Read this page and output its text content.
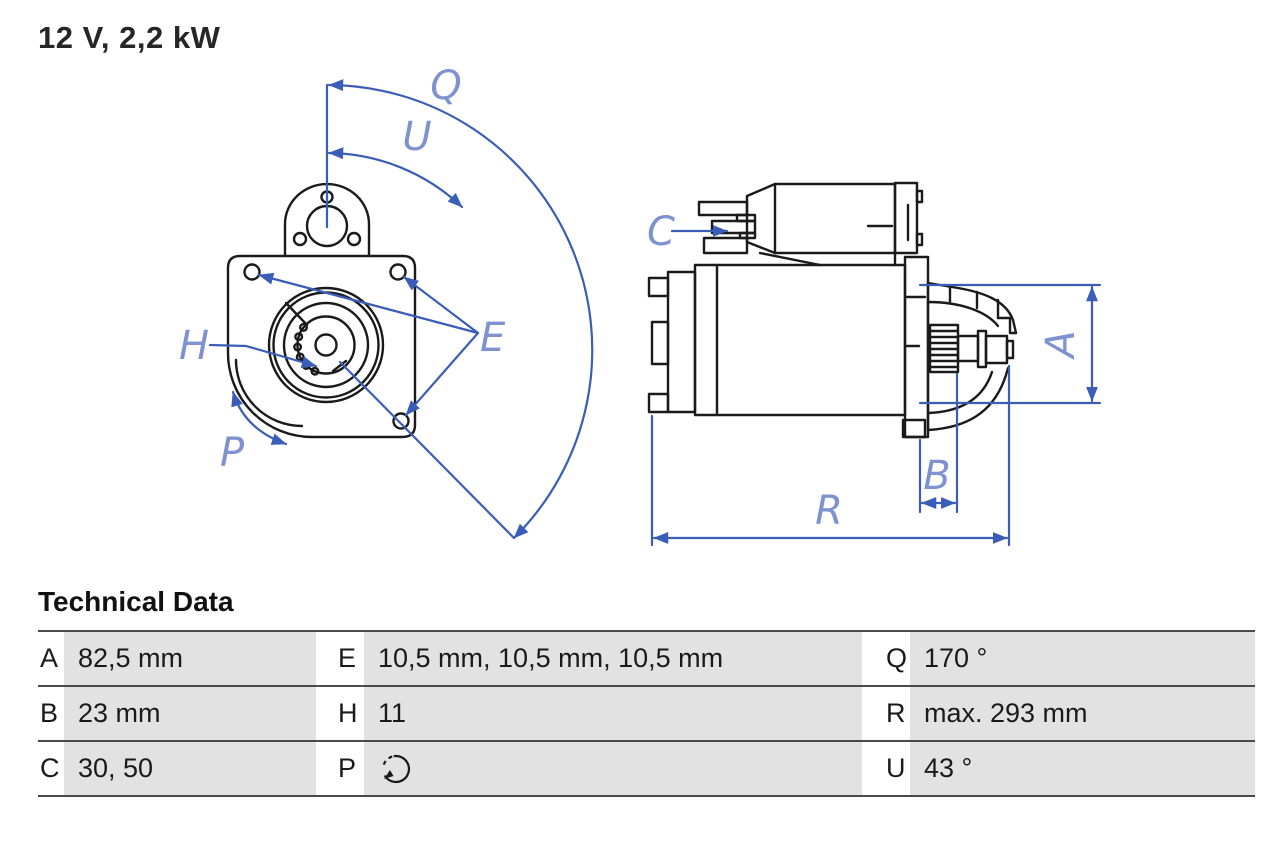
12 V, 2,2 kW
Q
U
E
H
P
C
A
B
R
Technical Data
A 82,5 mm	E 10,5 mm, 10,5 mm, 10,5 mm	Q 170 °
B 23 mm	H 11	R max. 293 mm
C 30, 50	P	U 43 °
